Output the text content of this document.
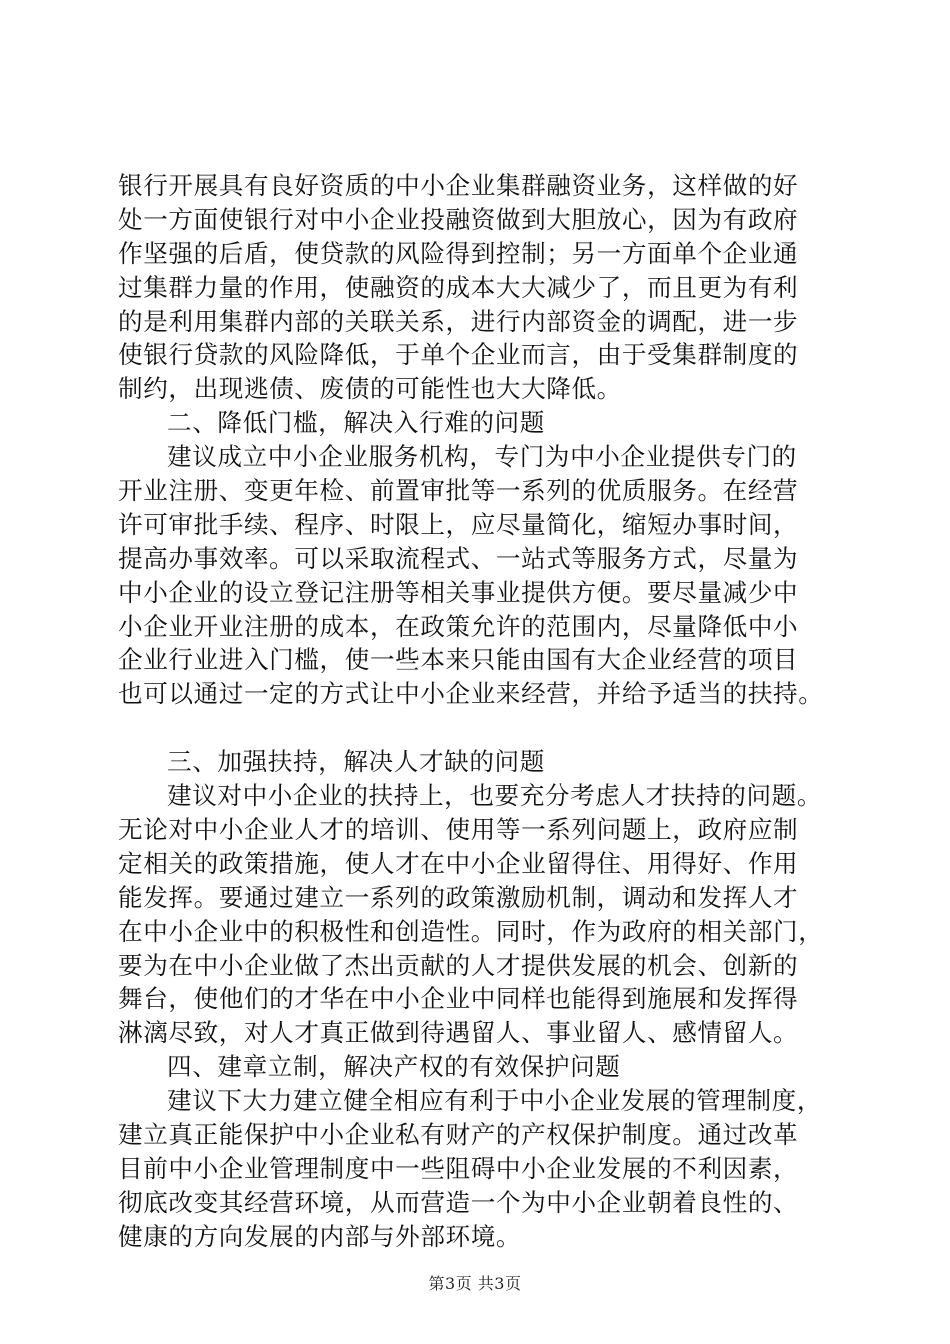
银行开展具有良好资质的中小企业集群融资业务，这样做的好
处一方面使银行对中小企业投融资做到大胆放心，因为有政府
作坚强的后盾，使贷款的风险得到控制；另一方面单个企业通
过集群力量的作用，使融资的成本大大减少了，而且更为有利
的是利用集群内部的关联关系，进行内部资金的调配，进一步
使银行贷款的风险降低，于单个企业而言，由于受集群制度的
制约，出现逃债、废债的可能性也大大降低。
二、降低门槛，解决入行难的问题
建议成立中小企业服务机构，专门为中小企业提供专门的
开业注册、变更年检、前置审批等一系列的优质服务。在经营
许可审批手续、程序、时限上，应尽量简化，缩短办事时间，
提高办事效率。可以采取流程式、一站式等服务方式，尽量为
中小企业的设立登记注册等相关事业提供方便。要尽量减少中
小企业开业注册的成本，在政策允许的范围内，尽量降低中小
企业行业进入门槛，使一些本来只能由国有大企业经营的项目
也可以通过一定的方式让中小企业来经营，并给予适当的扶持。
三、加强扶持，解决人才缺的问题
建议对中小企业的扶持上，也要充分考虑人才扶持的问题。
无论对中小企业人才的培训、使用等一系列问题上，政府应制
定相关的政策措施，使人才在中小企业留得住、用得好、作用
能发挥。要通过建立一系列的政策激励机制，调动和发挥人才
在中小企业中的积极性和创造性。同时，作为政府的相关部门，
要为在中小企业做了杰出贡献的人才提供发展的机会、创新的
舞台，使他们的才华在中小企业中同样也能得到施展和发挥得
淋漓尽致，对人才真正做到待遇留人、事业留人、感情留人。
四、建章立制，解决产权的有效保护问题
建议下大力建立健全相应有利于中小企业发展的管理制度，
建立真正能保护中小企业私有财产的产权保护制度。通过改革
目前中小企业管理制度中一些阻碍中小企业发展的不利因素，
彻底改变其经营环境，从而营造一个为中小企业朝着良性的、
健康的方向发展的内部与外部环境。
第3页 共3页
